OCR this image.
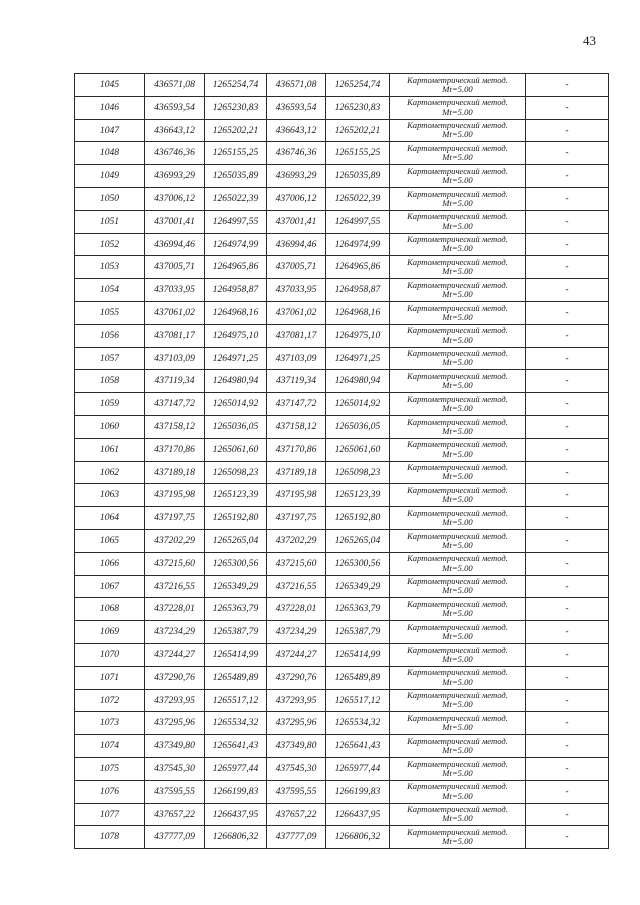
43
1045	436571,08	1265254,74	436571,08	1265254,74	Картометрический метод.
Mt=5.00	-
1046	436593,54	1265230,83	436593,54	1265230,83	Картометрический метод.
Mt=5.00	-
1047	436643,12	1265202,21	436643,12	1265202,21	Картометрический метод.
Mt=5.00	-
1048	436746,36	1265155,25	436746,36	1265155,25	Картометрический метод.
Mt=5.00	-
1049	436993,29	1265035,89	436993,29	1265035,89	Картометрический метод.
Mt=5.00	-
1050	437006,12	1265022,39	437006,12	1265022,39	Картометрический метод.
Mt=5.00	-
1051	437001,41	1264997,55	437001,41	1264997,55	Картометрический метод.
Mt=5.00	-
1052	436994,46	1264974,99	436994,46	1264974,99	Картометрический метод.
Mt=5.00	-
1053	437005,71	1264965,86	437005,71	1264965,86	Картометрический метод.
Mt=5.00	-
1054	437033,95	1264958,87	437033,95	1264958,87	Картометрический метод.
Mt=5.00	-
1055	437061,02	1264968,16	437061,02	1264968,16	Картометрический метод.
Mt=5.00	-
1056	437081,17	1264975,10	437081,17	1264975,10	Картометрический метод.
Mt=5.00	-
1057	437103,09	1264971,25	437103,09	1264971,25	Картометрический метод.
Mt=5.00	-
1058	437119,34	1264980,94	437119,34	1264980,94	Картометрический метод.
Mt=5.00	-
1059	437147,72	1265014,92	437147,72	1265014,92	Картометрический метод.
Mt=5.00	-
1060	437158,12	1265036,05	437158,12	1265036,05	Картометрический метод.
Mt=5.00	-
1061	437170,86	1265061,60	437170,86	1265061,60	Картометрический метод.
Mt=5.00	-
1062	437189,18	1265098,23	437189,18	1265098,23	Картометрический метод.
Mt=5.00	-
1063	437195,98	1265123,39	437195,98	1265123,39	Картометрический метод.
Mt=5.00	-
1064	437197,75	1265192,80	437197,75	1265192,80	Картометрический метод.
Mt=5.00	-
1065	437202,29	1265265,04	437202,29	1265265,04	Картометрический метод.
Mt=5.00	-
1066	437215,60	1265300,56	437215,60	1265300,56	Картометрический метод.
Mt=5.00	-
1067	437216,55	1265349,29	437216,55	1265349,29	Картометрический метод.
Mt=5.00	-
1068	437228,01	1265363,79	437228,01	1265363,79	Картометрический метод.
Mt=5.00	-
1069	437234,29	1265387,79	437234,29	1265387,79	Картометрический метод.
Mt=5.00	-
1070	437244,27	1265414,99	437244,27	1265414,99	Картометрический метод.
Mt=5.00	-
1071	437290,76	1265489,89	437290,76	1265489,89	Картометрический метод.
Mt=5.00	-
1072	437293,95	1265517,12	437293,95	1265517,12	Картометрический метод.
Mt=5.00	-
1073	437295,96	1265534,32	437295,96	1265534,32	Картометрический метод.
Mt=5.00	-
1074	437349,80	1265641,43	437349,80	1265641,43	Картометрический метод.
Mt=5.00	-
1075	437545,30	1265977,44	437545,30	1265977,44	Картометрический метод.
Mt=5.00	-
1076	437595,55	1266199,83	437595,55	1266199,83	Картометрический метод.
Mt=5.00	-
1077	437657,22	1266437,95	437657,22	1266437,95	Картометрический метод.
Mt=5.00	-
1078	437777,09	1266806,32	437777,09	1266806,32	Картометрический метод.
Mt=5.00	-
